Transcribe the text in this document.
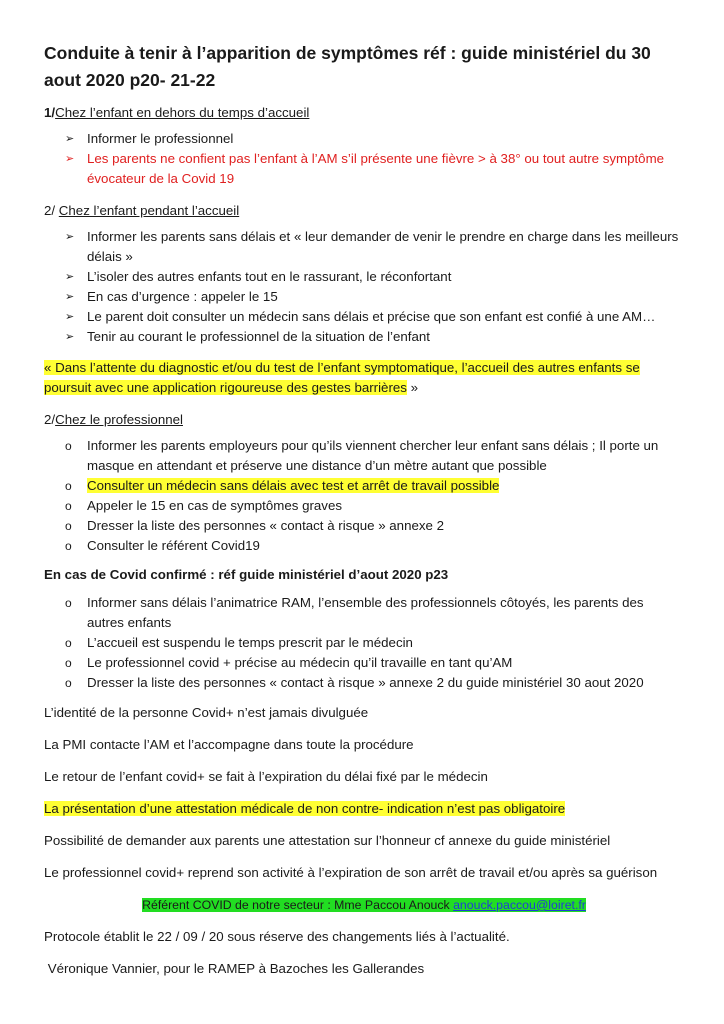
Conduite à tenir à l’apparition de symptômes réf : guide ministériel du 30 aout 2020 p20- 21-22

1/Chez l’enfant en dehors du temps d’accueil

➢ Informer le professionnel
➢ Les parents ne confient pas l’enfant à l’AM s’il présente une fièvre > à 38° ou tout autre symptôme évocateur de la Covid 19

2/ Chez l’enfant pendant l’accueil

➢ Informer les parents sans délais et « leur demander de venir le prendre en charge dans les meilleurs délais »
➢ L’isoler des autres enfants tout en le rassurant, le réconfortant
➢ En cas d’urgence : appeler le 15
➢ Le parent doit consulter un médecin sans délais et précise que son enfant est confié à une AM…
➢ Tenir au courant le professionnel de la situation de l’enfant

« Dans l’attente du diagnostic et/ou du test de l’enfant symptomatique, l’accueil des autres enfants se poursuit avec une application rigoureuse des gestes barrières »

2/Chez le professionnel

o Informer les parents employeurs pour qu’ils viennent chercher leur enfant sans délais ; Il porte un masque en attendant et préserve une distance d’un mètre autant que possible
o Consulter un médecin sans délais avec test et arrêt de travail possible
o Appeler le 15 en cas de symptômes graves
o Dresser la liste des personnes « contact à risque » annexe 2
o Consulter le référent Covid19

En cas de Covid confirmé : réf guide ministériel d’aout 2020 p23

o Informer sans délais l’animatrice RAM, l’ensemble des professionnels côtoyés, les parents des autres enfants
o L’accueil est suspendu le temps prescrit par le médecin
o Le professionnel covid + précise au médecin qu’il travaille en tant qu’AM
o Dresser la liste des personnes « contact à risque » annexe 2 du guide ministériel 30 aout 2020

L’identité de la personne Covid+ n’est jamais divulguée

La PMI contacte l’AM et l’accompagne dans toute la procédure

Le retour de l’enfant covid+ se fait à l’expiration du délai fixé par le médecin

La présentation d’une attestation médicale de non contre- indication n’est pas obligatoire

Possibilité de demander aux parents une attestation sur l’honneur cf annexe du guide ministériel

Le professionnel covid+ reprend son activité à l’expiration de son arrêt de travail et/ou après sa guérison

Référent COVID de notre secteur : Mme Paccou Anouck anouck.paccou@loiret.fr

Protocole établit le 22 / 09 / 20 sous réserve des changements liés à l’actualité.

Véronique Vannier, pour le RAMEP à Bazoches les Gallerandes
